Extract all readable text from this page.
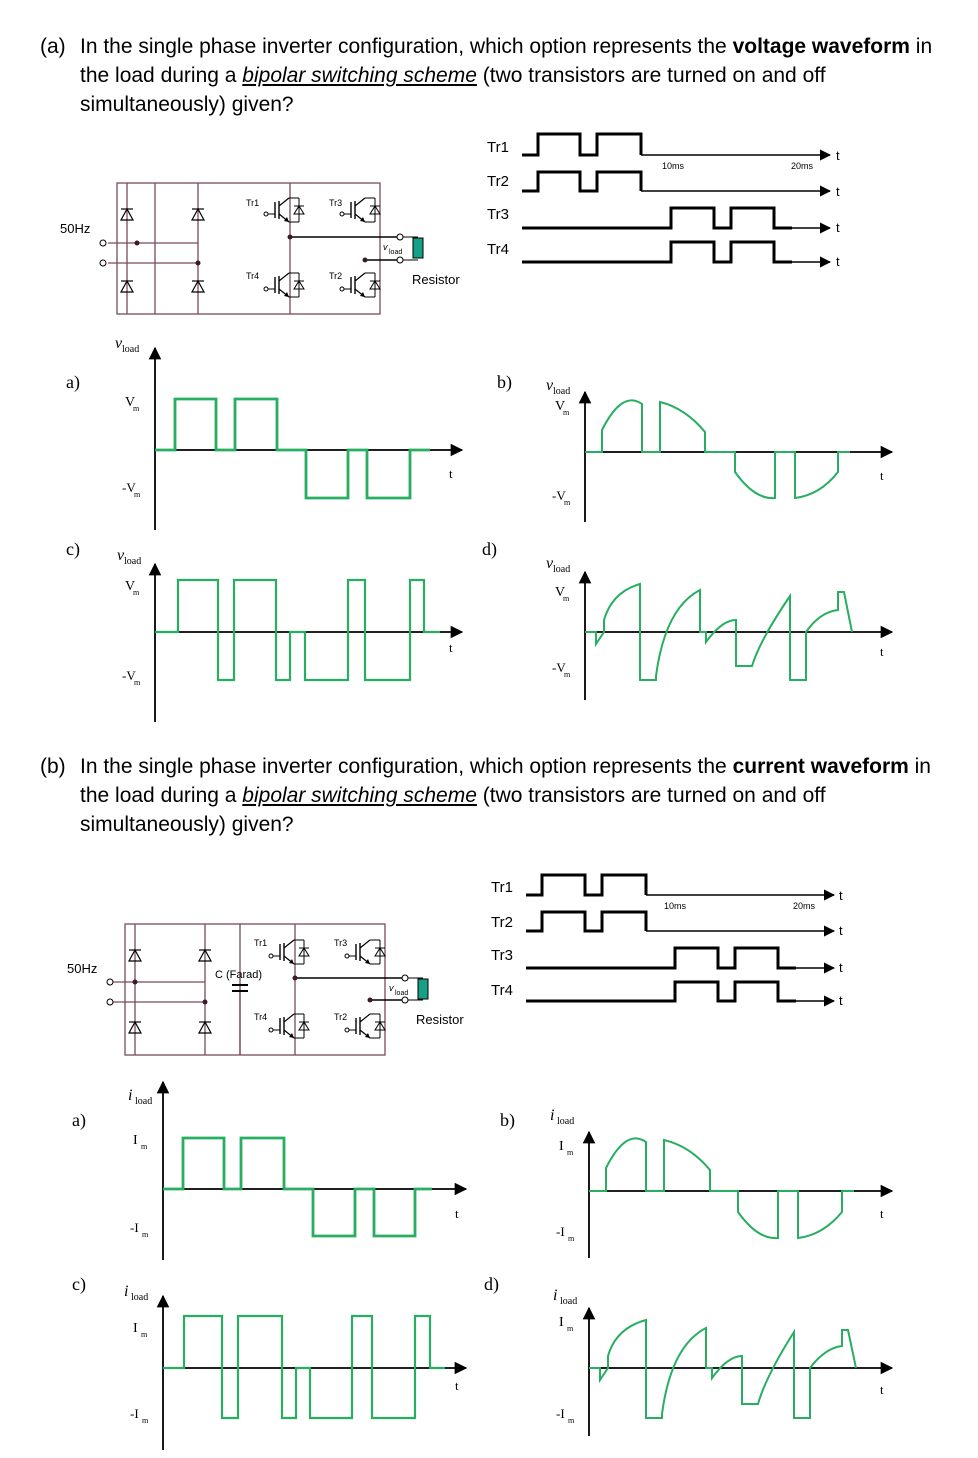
(a) In the single phase inverter configuration, which option represents the voltage waveform in the load during a bipolar switching scheme (two transistors are turned on and off simultaneously) given?
(b) In the single phase inverter configuration, which option represents the current waveform in the load during a bipolar switching scheme (two transistors are turned on and off simultaneously) given?
50Hz
Tr1	Tr3
Tr4	Tr2
v
load
Resistor
50Hz	C (Farad)
Tr1	Tr3
Tr4	Tr2
v
load
Resistor
Tr1
Tr2
Tr3
Tr4
10ms	20ms
t
t
t
t
Tr1
Tr2
Tr3
Tr4
10ms	20ms
t
t
t
t
a)
v load
V
m
-V
m
t
b) v load
V
m
-V
m
t
c) v load
V
m
-V
m
t
d)
v load
V
m
-V
m
t
a)
i load
I m
-I m
t
b) i load
I m
-I m
t
c) i load
I m
-I m
t
d)
i load
I m
-I m
t
